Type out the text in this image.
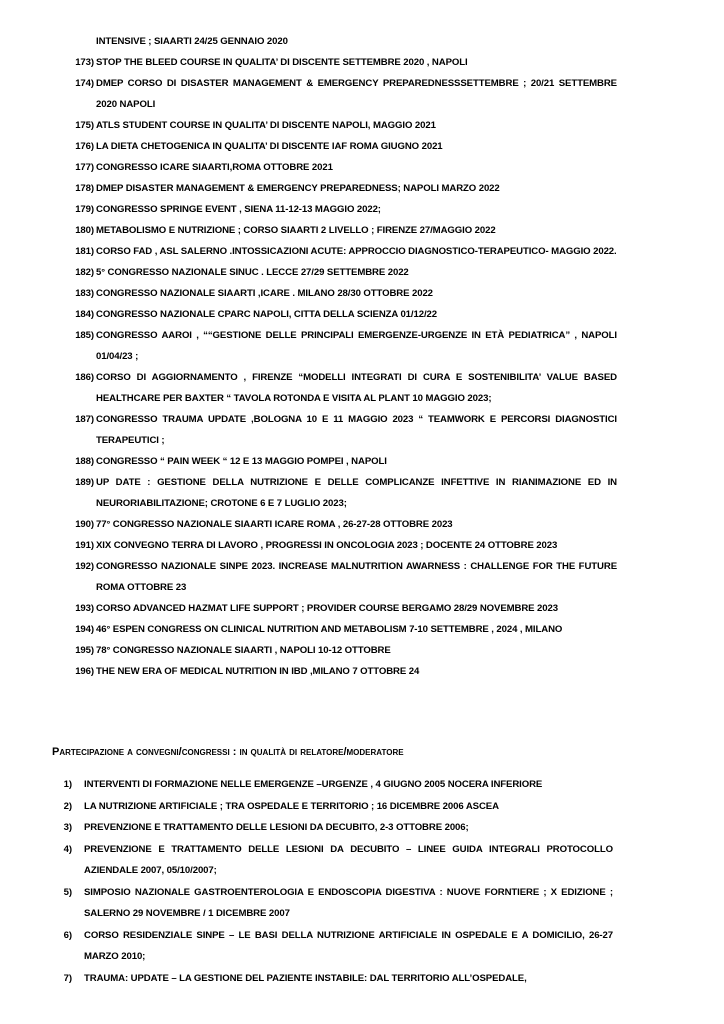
INTENSIVE ; SIAARTI 24/25 GENNAIO 2020
173) STOP THE BLEED COURSE IN QUALITA’ DI DISCENTE SETTEMBRE 2020 , NAPOLI
174) DMEP CORSO DI DISASTER MANAGEMENT & EMERGENCY PREPAREDNESSSETTEMBRE ; 20/21 SETTEMBRE 2020 NAPOLI
175) ATLS STUDENT COURSE IN QUALITA’ DI DISCENTE NAPOLI, MAGGIO 2021
176) LA DIETA CHETOGENICA IN QUALITA’ DI DISCENTE IAF ROMA GIUGNO 2021
177) CONGRESSO ICARE SIAARTI,ROMA OTTOBRE 2021
178) DMEP DISASTER MANAGEMENT & EMERGENCY PREPAREDNESS; NAPOLI MARZO 2022
179) CONGRESSO SPRINGE EVENT , SIENA 11-12-13 MAGGIO 2022;
180) METABOLISMO E NUTRIZIONE ; CORSO SIAARTI 2 LIVELLO ; FIRENZE 27/MAGGIO 2022
181) CORSO FAD , ASL SALERNO .INTOSSICAZIONI ACUTE: APPROCCIO DIAGNOSTICO-TERAPEUTICO- MAGGIO 2022.
182) 5° CONGRESSO NAZIONALE SINUC . LECCE 27/29 SETTEMBRE 2022
183) CONGRESSO NAZIONALE SIAARTI ,ICARE . MILANO 28/30 OTTOBRE 2022
184) CONGRESSO NAZIONALE CPARC NAPOLI, CITTA DELLA SCIENZA 01/12/22
185) CONGRESSO AAROI , ““GESTIONE DELLE PRINCIPALI EMERGENZE-URGENZE IN ETÀ PEDIATRICA” , NAPOLI 01/04/23 ;
186) CORSO DI AGGIORNAMENTO , FIRENZE “MODELLI INTEGRATI DI CURA E SOSTENIBILITA’ VALUE BASED HEALTHCARE PER BAXTER “ TAVOLA ROTONDA E VISITA AL PLANT 10 MAGGIO 2023;
187) CONGRESSO TRAUMA UPDATE ,BOLOGNA 10 E 11 MAGGIO 2023 “ TEAMWORK E PERCORSI DIAGNOSTICI TERAPEUTICI ;
188) CONGRESSO “ PAIN WEEK “ 12 E 13 MAGGIO POMPEI , NAPOLI
189) UP DATE : GESTIONE DELLA NUTRIZIONE E DELLE COMPLICANZE INFETTIVE IN RIANIMAZIONE ED IN NEURORIABILITAZIONE; CROTONE 6 E 7 LUGLIO 2023;
190) 77° CONGRESSO NAZIONALE SIAARTI ICARE ROMA , 26-27-28 OTTOBRE 2023
191) XIX CONVEGNO TERRA DI LAVORO , PROGRESSI IN ONCOLOGIA 2023 ; DOCENTE 24 OTTOBRE 2023
192) CONGRESSO NAZIONALE SINPE 2023. INCREASE MALNUTRITION AWARNESS : CHALLENGE FOR THE FUTURE ROMA OTTOBRE 23
193) CORSO ADVANCED HAZMAT LIFE SUPPORT ; PROVIDER COURSE BERGAMO 28/29 NOVEMBRE 2023
194) 46° ESPEN CONGRESS ON CLINICAL NUTRITION AND METABOLISM 7-10 SETTEMBRE , 2024 , MILANO
195) 78° CONGRESSO NAZIONALE SIAARTI , NAPOLI 10-12 OTTOBRE
196) THE NEW ERA OF MEDICAL NUTRITION IN IBD ,MILANO 7 OTTOBRE 24
Partecipazione a convegni/congressi : in qualità di relatore/moderatore
1)	INTERVENTI DI FORMAZIONE NELLE EMERGENZE –URGENZE , 4 GIUGNO 2005 NOCERA INFERIORE
2)	LA NUTRIZIONE ARTIFICIALE ; TRA OSPEDALE E TERRITORIO ; 16 DICEMBRE 2006 ASCEA
3)	PREVENZIONE E TRATTAMENTO DELLE LESIONI DA DECUBITO, 2-3 OTTOBRE 2006;
4)	PREVENZIONE E TRATTAMENTO DELLE LESIONI DA DECUBITO – LINEE GUIDA INTEGRALI PROTOCOLLO AZIENDALE 2007, 05/10/2007;
5)	SIMPOSIO NAZIONALE GASTROENTEROLOGIA E ENDOSCOPIA DIGESTIVA : NUOVE FORNTIERE ; X EDIZIONE ; SALERNO 29 NOVEMBRE / 1 DICEMBRE 2007
6)	CORSO RESIDENZIALE SINPE – LE BASI DELLA NUTRIZIONE ARTIFICIALE IN OSPEDALE E A DOMICILIO, 26-27 MARZO 2010;
7)	TRAUMA: UPDATE – LA GESTIONE DEL PAZIENTE INSTABILE: DAL TERRITORIO ALL’OSPEDALE,
